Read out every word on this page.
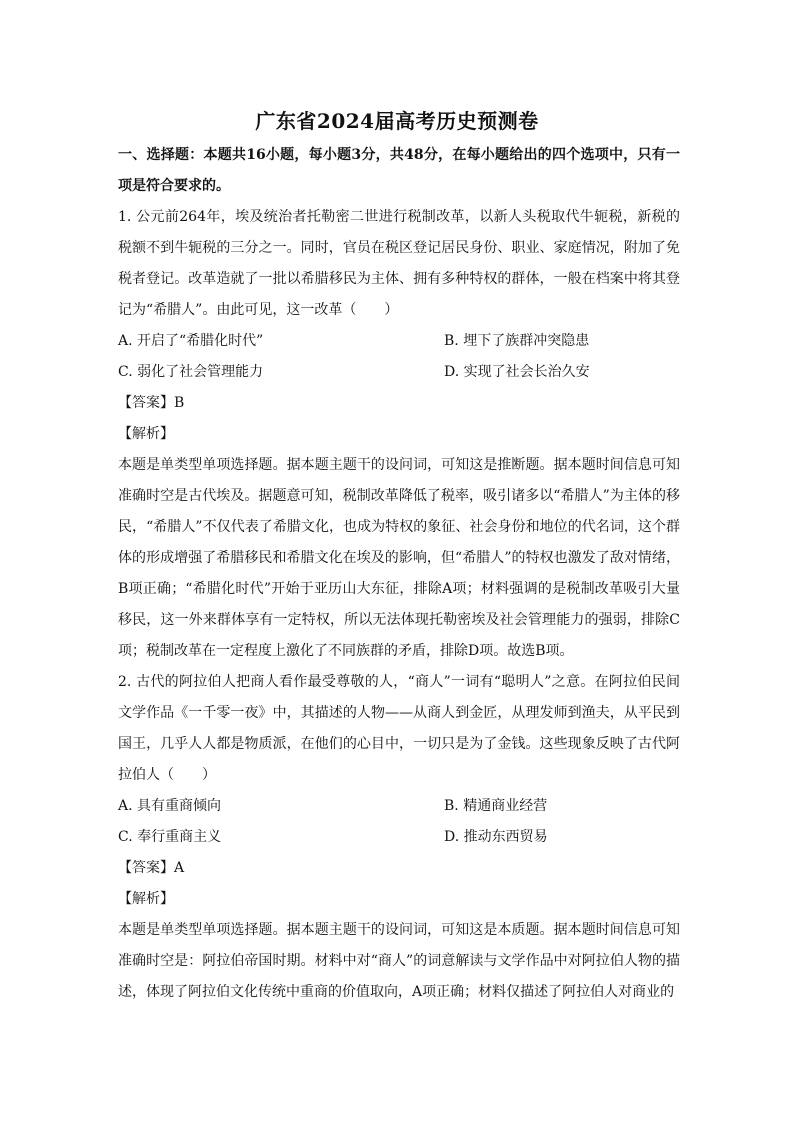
广东省2024届高考历史预测卷

一、选择题：本题共16小题，每小题3分，共48分，在每小题给出的四个选项中，只有一项是符合要求的。

1. 公元前264年，埃及统治者托勒密二世进行税制改革，以新人头税取代牛轭税，新税的税额不到牛轭税的三分之一。同时，官员在税区登记居民身份、职业、家庭情况，附加了免税者登记。改革造就了一批以希腊移民为主体、拥有多种特权的群体，一般在档案中将其登记为“希腊人”。由此可见，这一改革（　　）

A. 开启了“希腊化时代”	B. 埋下了族群冲突隐患
C. 弱化了社会管理能力	D. 实现了社会长治久安

【答案】B

【解析】

本题是单类型单项选择题。据本题主题干的设问词，可知这是推断题。据本题时间信息可知准确时空是古代埃及。据题意可知，税制改革降低了税率，吸引诸多以“希腊人”为主体的移民，“希腊人”不仅代表了希腊文化，也成为特权的象征、社会身份和地位的代名词，这个群体的形成增强了希腊移民和希腊文化在埃及的影响，但“希腊人”的特权也激发了敌对情绪，B项正确；“希腊化时代”开始于亚历山大东征，排除A项；材料强调的是税制改革吸引大量移民，这一外来群体享有一定特权，所以无法体现托勒密埃及社会管理能力的强弱，排除C项；税制改革在一定程度上激化了不同族群的矛盾，排除D项。故选B项。

2. 古代的阿拉伯人把商人看作最受尊敬的人，“商人”一词有“聪明人”之意。在阿拉伯民间文学作品《一千零一夜》中，其描述的人物——从商人到金匠，从理发师到渔夫，从平民到国王，几乎人人都是物质派，在他们的心目中，一切只是为了金钱。这些现象反映了古代阿拉伯人（　　）

A. 具有重商倾向	B. 精通商业经营
C. 奉行重商主义	D. 推动东西贸易

【答案】A

【解析】

本题是单类型单项选择题。据本题主题干的设问词，可知这是本质题。据本题时间信息可知准确时空是：阿拉伯帝国时期。材料中对“商人”的词意解读与文学作品中对阿拉伯人物的描述，体现了阿拉伯文化传统中重商的价值取向，A项正确；材料仅描述了阿拉伯人对商业的
